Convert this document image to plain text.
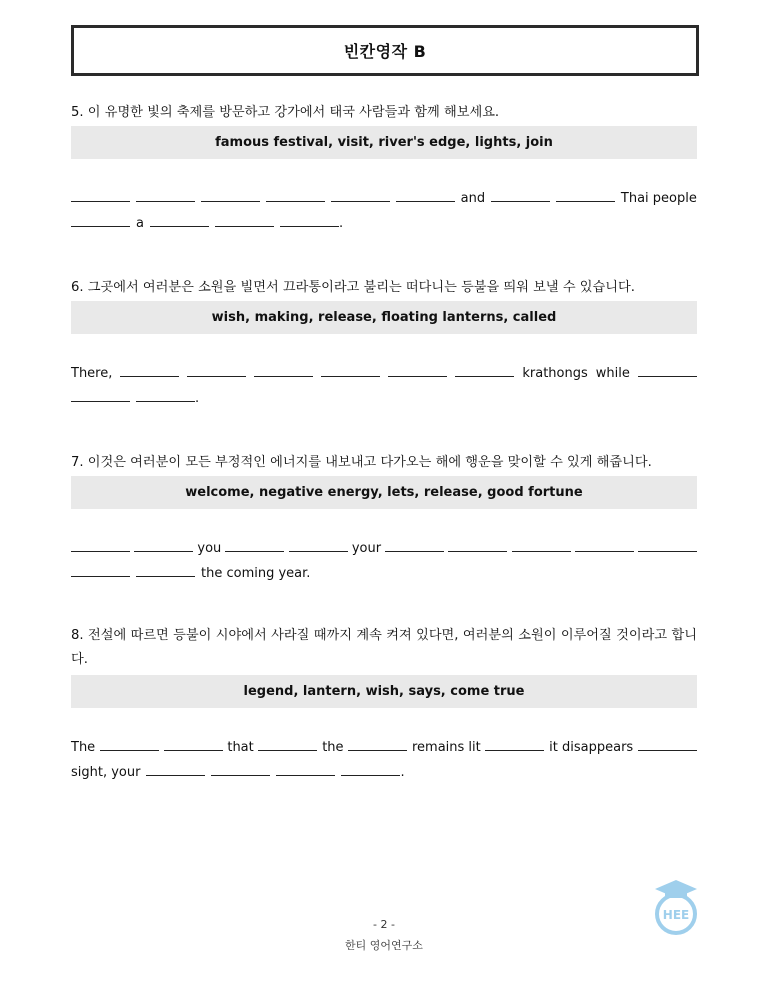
빈칸영작 B
5. 이 유명한 빛의 축제를 방문하고 강가에서 태국 사람들과 함께 해보세요.
famous festival, visit, river's edge, lights, join
and	Thai people
a	.
6. 그곳에서 여러분은 소원을 빌면서 끄라통이라고 불리는 떠다니는 등불을 띄워 보낼 수 있습니다.
wish, making, release, floating lanterns, called
There,	krathongs while
.
7. 이것은 여러분이 모든 부정적인 에너지를 내보내고 다가오는 해에 행운을 맞이할 수 있게 해줍니다.
welcome, negative energy, lets, release, good fortune
you	your
the coming year.
8. 전설에 따르면 등불이 시야에서 사라질 때까지 계속 켜져 있다면, 여러분의 소원이 이루어질 것이라고 합니다.
legend, lantern, wish, says, come true
The	that	the	remains lit	it disappears
sight, your	.
HEE
- 2 -
한티 영어연구소
